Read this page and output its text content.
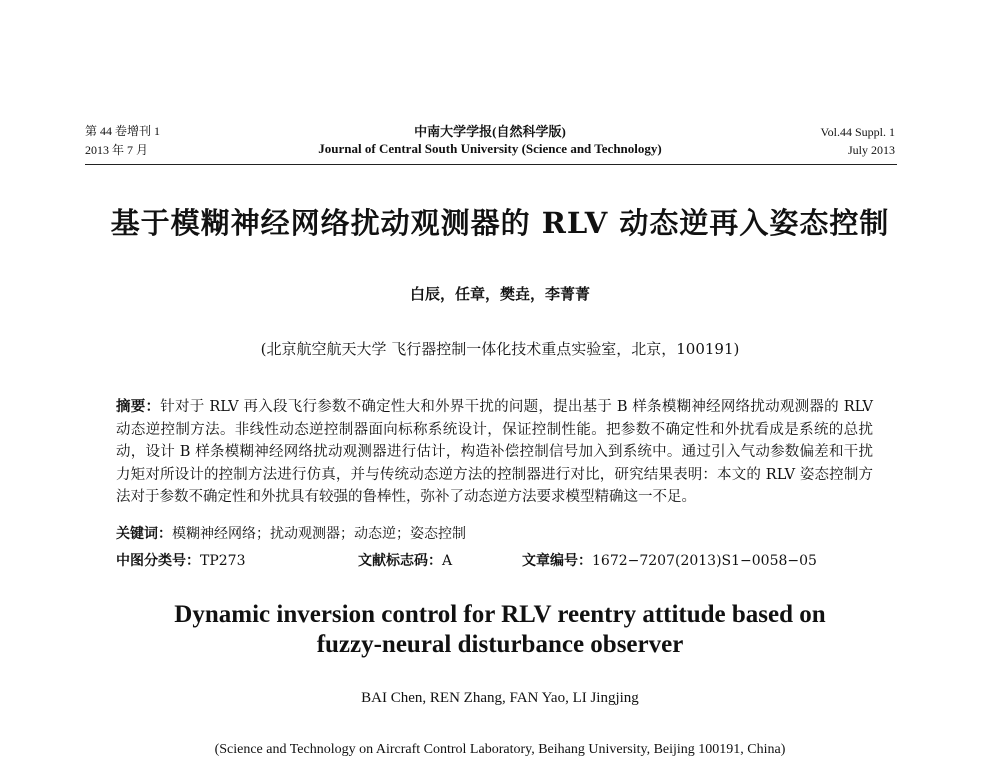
第 44 卷增刊 1
2013 年 7 月
中南大学学报(自然科学版)
Journal of Central South University (Science and Technology)
Vol.44 Suppl. 1
July 2013
基于模糊神经网络扰动观测器的 RLV 动态逆再入姿态控制
白辰，任章，樊垚，李菁菁
(北京航空航天大学 飞行器控制一体化技术重点实验室，北京，100191)
摘要：针对于 RLV 再入段飞行参数不确定性大和外界干扰的问题，提出基于 B 样条模糊神经网络扰动观测器的 RLV 动态逆控制方法。非线性动态逆控制器面向标称系统设计，保证控制性能。把参数不确定性和外扰看成是系统的总扰动，设计 B 样条模糊神经网络扰动观测器进行估计，构造补偿控制信号加入到系统中。通过引入气动参数偏差和干扰力矩对所设计的控制方法进行仿真，并与传统动态逆方法的控制器进行对比，研究结果表明：本文的 RLV 姿态控制方法对于参数不确定性和外扰具有较强的鲁棒性，弥补了动态逆方法要求模型精确这一不足。
关键词：模糊神经网络；扰动观测器；动态逆；姿态控制
中图分类号：TP273	文献标志码：A	文章编号：1672−7207(2013)S1−0058−05
Dynamic inversion control for RLV reentry attitude based on
fuzzy-neural disturbance observer
BAI Chen, REN Zhang, FAN Yao, LI Jingjing
(Science and Technology on Aircraft Control Laboratory, Beihang University, Beijing 100191, China)
